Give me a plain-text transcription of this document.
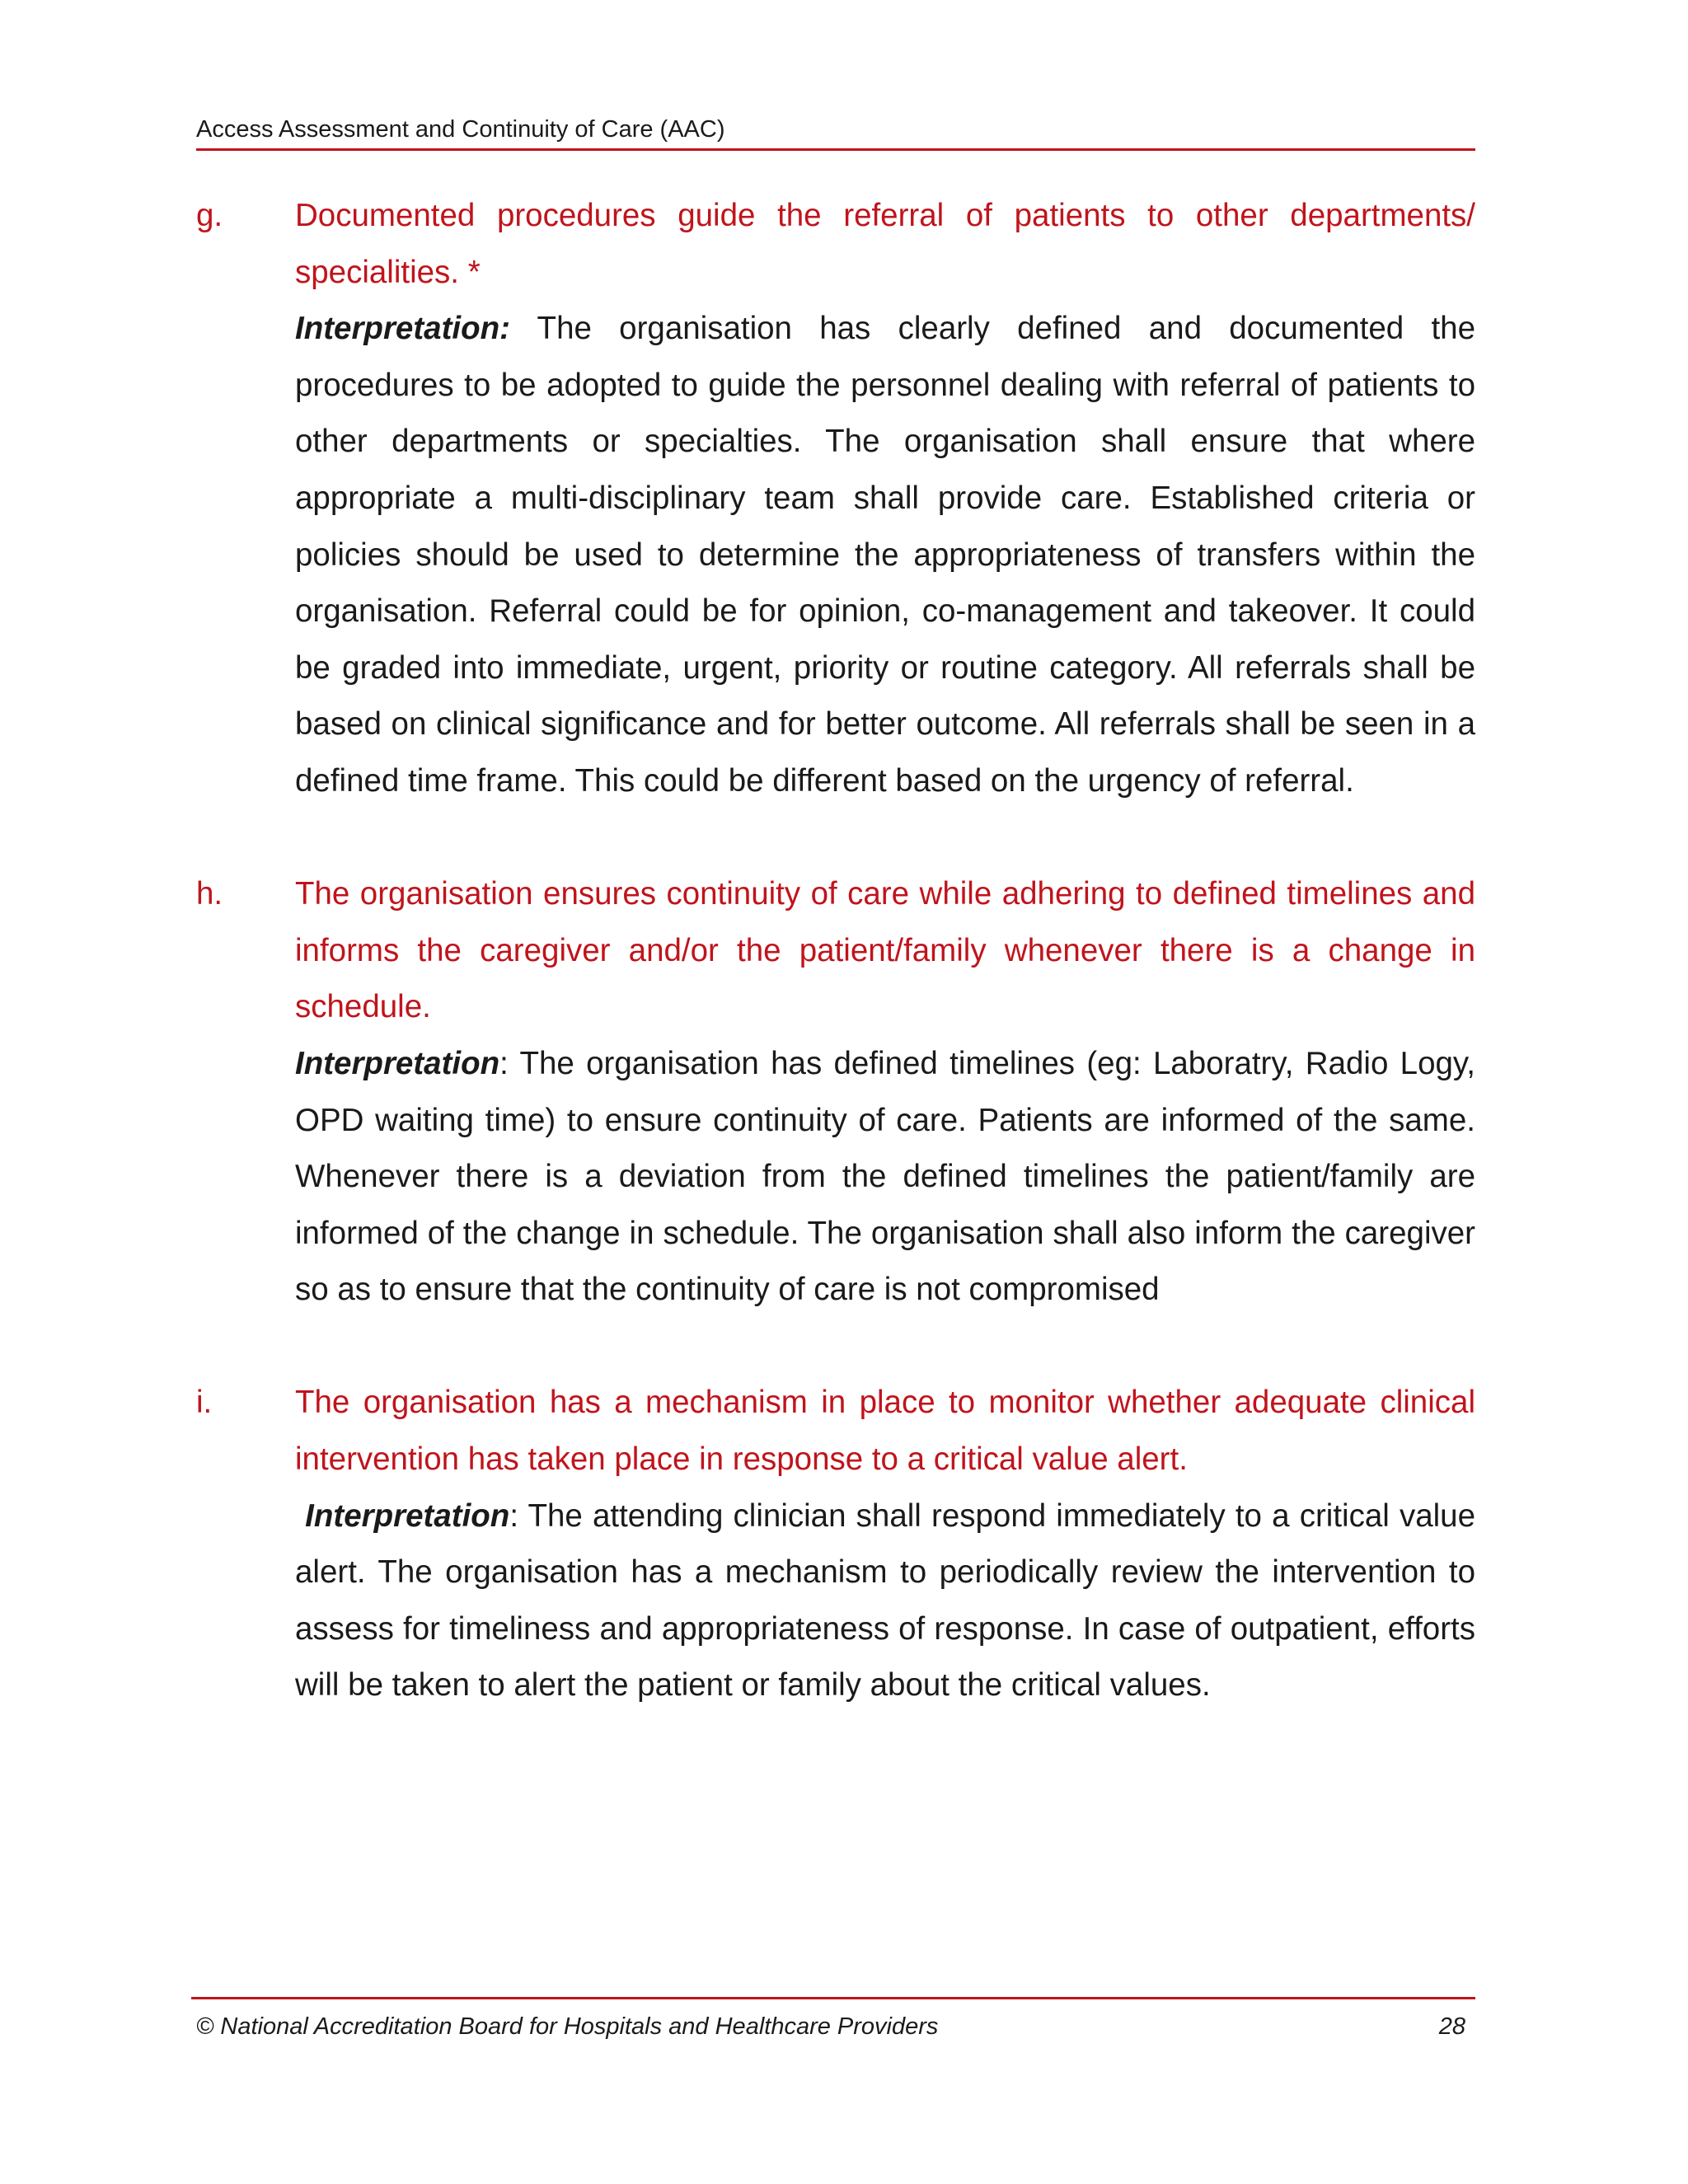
Access Assessment and Continuity of Care (AAC)
g. Documented procedures guide the referral of patients to other departments/ specialities. *
Interpretation: The organisation has clearly defined and documented the procedures to be adopted to guide the personnel dealing with referral of patients to other departments or specialties. The organisation shall ensure that where appropriate a multi-disciplinary team shall provide care. Established criteria or policies should be used to determine the appropriateness of transfers within the organisation. Referral could be for opinion, co-management and takeover. It could be graded into immediate, urgent, priority or routine category. All referrals shall be based on clinical significance and for better outcome. All referrals shall be seen in a defined time frame. This could be different based on the urgency of referral.
h. The organisation ensures continuity of care while adhering to defined timelines and informs the caregiver and/or the patient/family whenever there is a change in schedule.
Interpretation: The organisation has defined timelines (eg: Laboratry, Radio Logy, OPD waiting time) to ensure continuity of care. Patients are informed of the same. Whenever there is a deviation from the defined timelines the patient/family are informed of the change in schedule. The organisation shall also inform the caregiver so as to ensure that the continuity of care is not compromised
i.	The organisation has a mechanism in place to monitor whether adequate clinical intervention has taken place in response to a critical value alert.
Interpretation: The attending clinician shall respond immediately to a critical value alert. The organisation has a mechanism to periodically review the intervention to assess for timeliness and appropriateness of response. In case of outpatient, efforts will be taken to alert the patient or family about the critical values.
© National Accreditation Board for Hospitals and Healthcare Providers	28
